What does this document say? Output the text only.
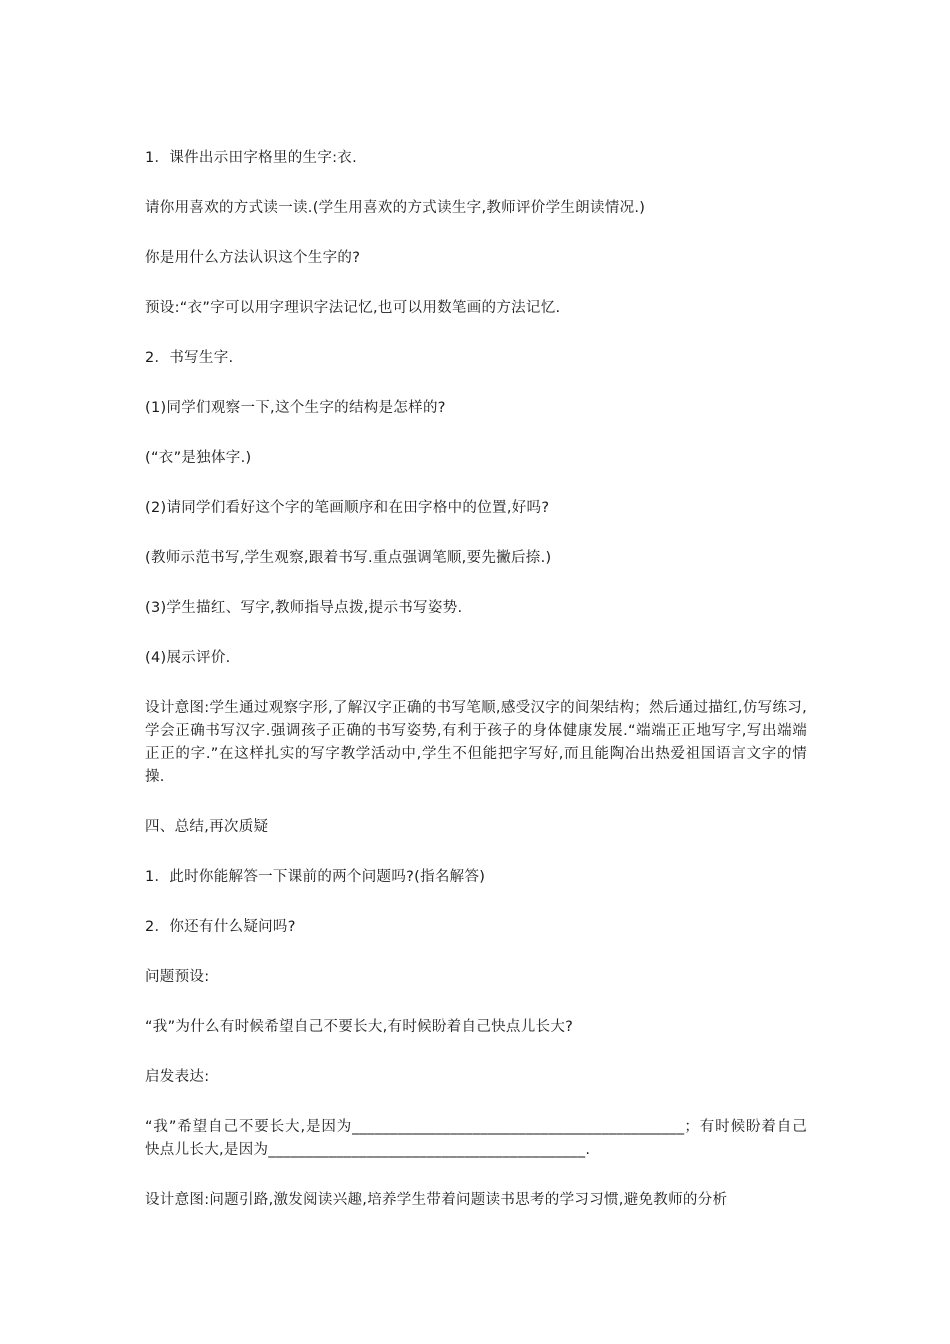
1．课件出示田字格里的生字:衣.

请你用喜欢的方式读一读.(学生用喜欢的方式读生字,教师评价学生朗读情况.)

你是用什么方法认识这个生字的?

预设:“衣”字可以用字理识字法记忆,也可以用数笔画的方法记忆.

2．书写生字.

(1)同学们观察一下,这个生字的结构是怎样的?

(“衣”是独体字.)

(2)请同学们看好这个字的笔画顺序和在田字格中的位置,好吗?

(教师示范书写,学生观察,跟着书写.重点强调笔顺,要先撇后捺.)

(3)学生描红、写字,教师指导点拨,提示书写姿势.

(4)展示评价.

设计意图:学生通过观察字形,了解汉字正确的书写笔顺,感受汉字的间架结构；然后通过描红,仿写练习,学会正确书写汉字.强调孩子正确的书写姿势,有利于孩子的身体健康发展.“端端正正地写字,写出端端正正的字.”在这样扎实的写字教学活动中,学生不但能把字写好,而且能陶冶出热爱祖国语言文字的情操.

四、总结,再次质疑

1．此时你能解答一下课前的两个问题吗?(指名解答)

2．你还有什么疑问吗?

问题预设:

“我”为什么有时候希望自己不要长大,有时候盼着自己快点儿长大?

启发表达:

“我”希望自己不要长大,是因为____________________________________________；有时候盼着自己快点儿长大,是因为__________________________________________.

设计意图:问题引路,激发阅读兴趣,培养学生带着问题读书思考的学习习惯,避免教师的分析
